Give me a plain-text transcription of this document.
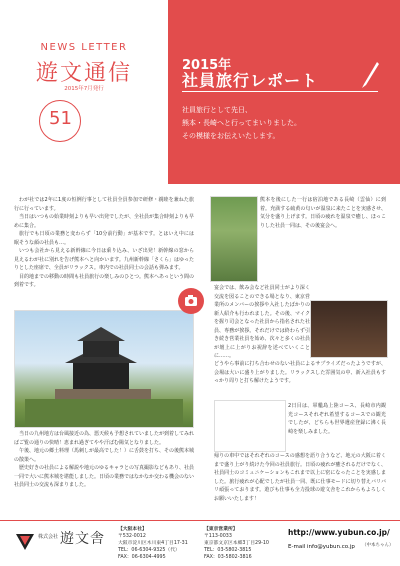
NEWS LETTER
遊文通信
2015年7月発行
51
2015年
社員旅行レポート
社員旅行として先日、
熊本・長崎へと行ってまいりました。
その模様をお伝えいたします。

わが社では2年に1度の恒例行事として社員全員参加で研修・親睦を兼ねた旅行に行っています。

当日はいつもの始業時刻よりも早い出発でしたが、全社員が集合時刻よりも早めに集合。

旅行でも日頃の業務と変わらず「10分前行動」が基本です。とはいえ中には眠そうな顔の社員も…。

いつも会社から見える新幹線に今日は乗り込み、いざ出発！新幹線の窓から見えるわが社に別れを告げ熊本へと向かいます。九州新幹線「さくら」はゆったりとした座席で、全員がリラックス。車内での社員同士の会話も弾みます。

目的地までの移動の時間も社員旅行の楽しみのひとつ。熊本へあっという間の到着です。

当日の九州地方は台風接近の為、悪天候も予想されていましたが到着してみればご覧の通りの快晴！恵まれ過ぎてやや汗ばむ陽気となりました。

午後、地元の郷土料理（馬刺しが最高でした！）に舌鼓を打ち、その後熊本城の散策へ。

歴史好きの社員による解説や地元のゆるキャラとの写真撮影などもあり、社員一同で大いに熊本城を堪能しました。日頃の業務ではなかなか交わる機会のない社員同士の交流も深まりました。

熊本を後にした一行は宿泊地である長崎（雲仙）に到着。充満する硫黄の匂いが温泉に来たことを実感させ、気分を盛り上げます。日頃の疲れを温泉で癒し、ほっこりした社員一同は、その後宴会へ。
宴会では、飲み会など社員同士がより深く交流を図ることのできる場となり、東京営業所のメンバーの挨拶や入社したばかりの新人紹介も行われました。その後、マイクを握り司会となった社員から指名された社員、専務が挨拶。それだけでは終わらず引き続き営業社員を始め、次々と多くの社員が壇上に上がりお祝辞を述べていくことに……。
どうやら事前に打ち合わせのない社員によるサプライズだったようですが、会場は大いに盛り上がりました。リラックスした雰囲気の中、新入社員もすっかり周りと打ち解けたようです。
2日目は、軍艦島上陸コース、長崎市内観光コースそれぞれ希望するコースでの観光でしたが、どちらも世界遺産登録に沸く長崎を楽しみました。
帰りの車中ではそれぞれのコースの感想を語り合うなど、地元の大阪に着くまで盛り上がり続けた今回の社員旅行。日頃の疲れが癒されるだけでなく、社員同士のコミュニケーションもこれまで以上に密になったことを実感しました。旅行疲れが心配でしたが社員一同、既に仕事モードに切り替えバリバリ頑張っております。遊びも仕事も全力投球の遊文舎をこれからもよろしくお願いいたします！
（中本ちゃん）
株式会社 遊文舎
【大阪本社】
〒532-0012
大阪市淀川区木川東4丁目17-31
TEL：06-6304-9325（代）
FAX：06-6304-4995
【東京営業所】
〒113-0033
東京都文京区本郷3丁目29-10
TEL：03-5802-3815
FAX：03-5802-3816
http://www.yubun.co.jp/
E-mail info@yubun.co.jp
